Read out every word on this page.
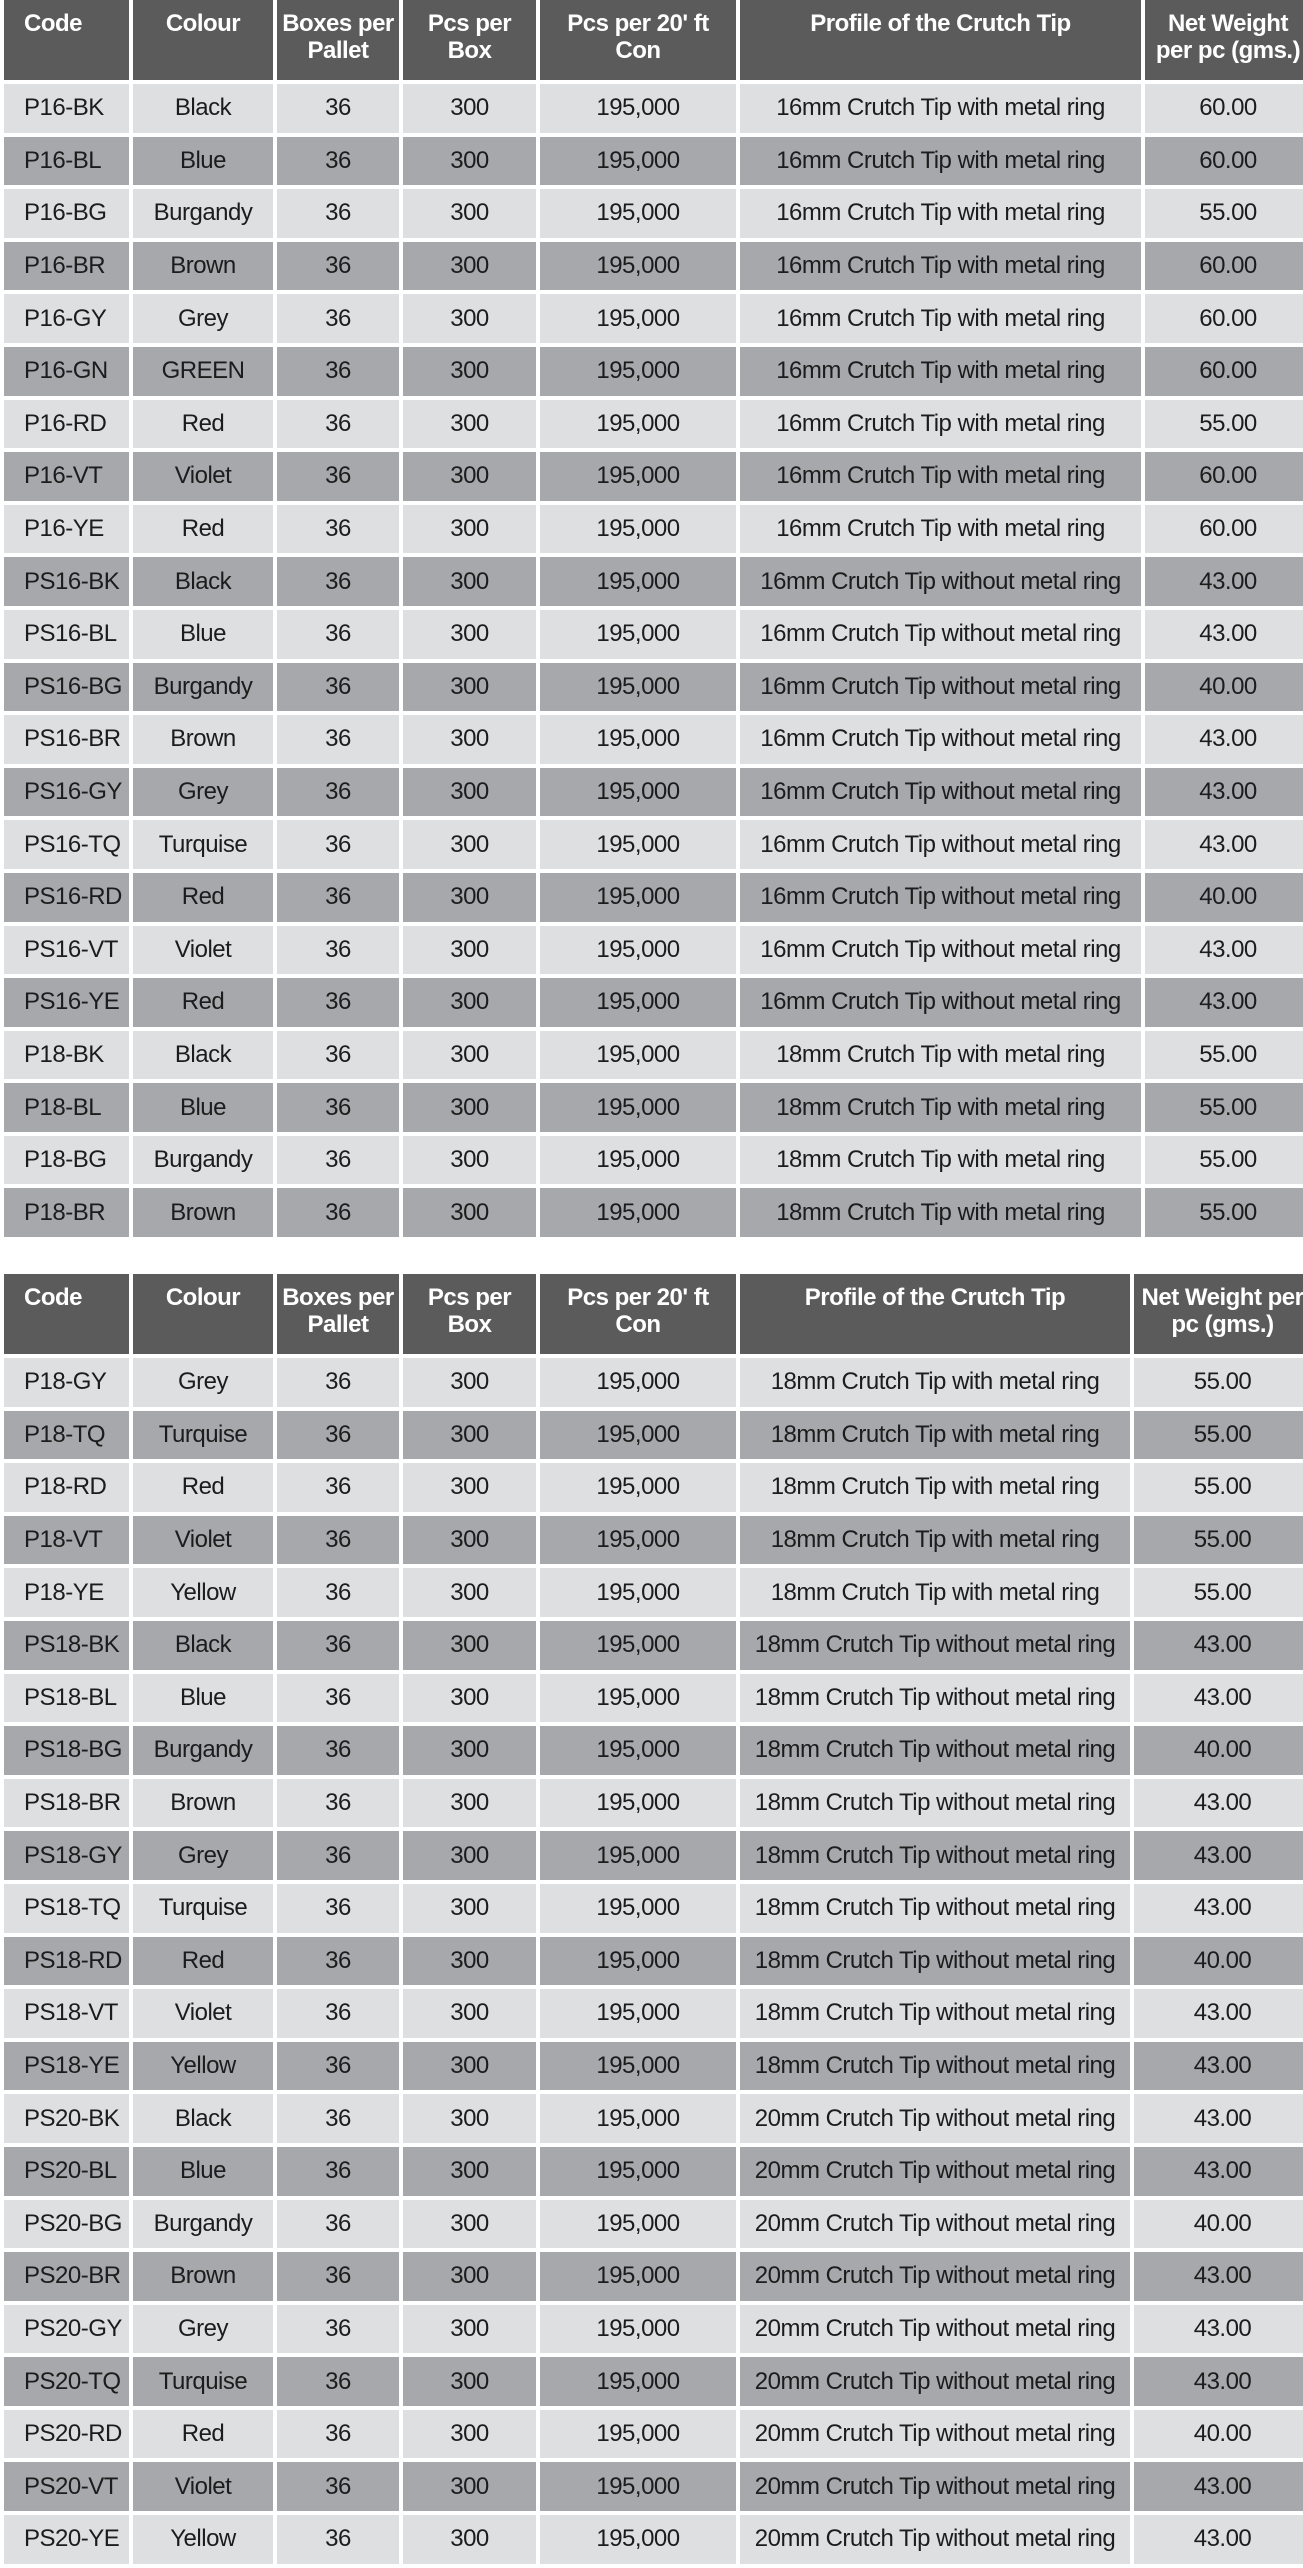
Code	Colour	Boxes per Pallet	Pcs per Box	Pcs per 20' ft Con	Profile of the Crutch Tip	Net Weight per pc (gms.)
P16-BK	Black	36	300	195,000	16mm Crutch Tip with metal ring	60.00
P16-BL	Blue	36	300	195,000	16mm Crutch Tip with metal ring	60.00
P16-BG	Burgandy	36	300	195,000	16mm Crutch Tip with metal ring	55.00
P16-BR	Brown	36	300	195,000	16mm Crutch Tip with metal ring	60.00
P16-GY	Grey	36	300	195,000	16mm Crutch Tip with metal ring	60.00
P16-GN	GREEN	36	300	195,000	16mm Crutch Tip with metal ring	60.00
P16-RD	Red	36	300	195,000	16mm Crutch Tip with metal ring	55.00
P16-VT	Violet	36	300	195,000	16mm Crutch Tip with metal ring	60.00
P16-YE	Red	36	300	195,000	16mm Crutch Tip with metal ring	60.00
PS16-BK	Black	36	300	195,000	16mm Crutch Tip without metal ring	43.00
PS16-BL	Blue	36	300	195,000	16mm Crutch Tip without metal ring	43.00
PS16-BG	Burgandy	36	300	195,000	16mm Crutch Tip without metal ring	40.00
PS16-BR	Brown	36	300	195,000	16mm Crutch Tip without metal ring	43.00
PS16-GY	Grey	36	300	195,000	16mm Crutch Tip without metal ring	43.00
PS16-TQ	Turquise	36	300	195,000	16mm Crutch Tip without metal ring	43.00
PS16-RD	Red	36	300	195,000	16mm Crutch Tip without metal ring	40.00
PS16-VT	Violet	36	300	195,000	16mm Crutch Tip without metal ring	43.00
PS16-YE	Red	36	300	195,000	16mm Crutch Tip without metal ring	43.00
P18-BK	Black	36	300	195,000	18mm Crutch Tip with metal ring	55.00
P18-BL	Blue	36	300	195,000	18mm Crutch Tip with metal ring	55.00
P18-BG	Burgandy	36	300	195,000	18mm Crutch Tip with metal ring	55.00
P18-BR	Brown	36	300	195,000	18mm Crutch Tip with metal ring	55.00
Code	Colour	Boxes per Pallet	Pcs per Box	Pcs per 20' ft Con	Profile of the Crutch Tip	Net Weight per pc (gms.)
P18-GY	Grey	36	300	195,000	18mm Crutch Tip with metal ring	55.00
P18-TQ	Turquise	36	300	195,000	18mm Crutch Tip with metal ring	55.00
P18-RD	Red	36	300	195,000	18mm Crutch Tip with metal ring	55.00
P18-VT	Violet	36	300	195,000	18mm Crutch Tip with metal ring	55.00
P18-YE	Yellow	36	300	195,000	18mm Crutch Tip with metal ring	55.00
PS18-BK	Black	36	300	195,000	18mm Crutch Tip without metal ring	43.00
PS18-BL	Blue	36	300	195,000	18mm Crutch Tip without metal ring	43.00
PS18-BG	Burgandy	36	300	195,000	18mm Crutch Tip without metal ring	40.00
PS18-BR	Brown	36	300	195,000	18mm Crutch Tip without metal ring	43.00
PS18-GY	Grey	36	300	195,000	18mm Crutch Tip without metal ring	43.00
PS18-TQ	Turquise	36	300	195,000	18mm Crutch Tip without metal ring	43.00
PS18-RD	Red	36	300	195,000	18mm Crutch Tip without metal ring	40.00
PS18-VT	Violet	36	300	195,000	18mm Crutch Tip without metal ring	43.00
PS18-YE	Yellow	36	300	195,000	18mm Crutch Tip without metal ring	43.00
PS20-BK	Black	36	300	195,000	20mm Crutch Tip without metal ring	43.00
PS20-BL	Blue	36	300	195,000	20mm Crutch Tip without metal ring	43.00
PS20-BG	Burgandy	36	300	195,000	20mm Crutch Tip without metal ring	40.00
PS20-BR	Brown	36	300	195,000	20mm Crutch Tip without metal ring	43.00
PS20-GY	Grey	36	300	195,000	20mm Crutch Tip without metal ring	43.00
PS20-TQ	Turquise	36	300	195,000	20mm Crutch Tip without metal ring	43.00
PS20-RD	Red	36	300	195,000	20mm Crutch Tip without metal ring	40.00
PS20-VT	Violet	36	300	195,000	20mm Crutch Tip without metal ring	43.00
PS20-YE	Yellow	36	300	195,000	20mm Crutch Tip without metal ring	43.00
